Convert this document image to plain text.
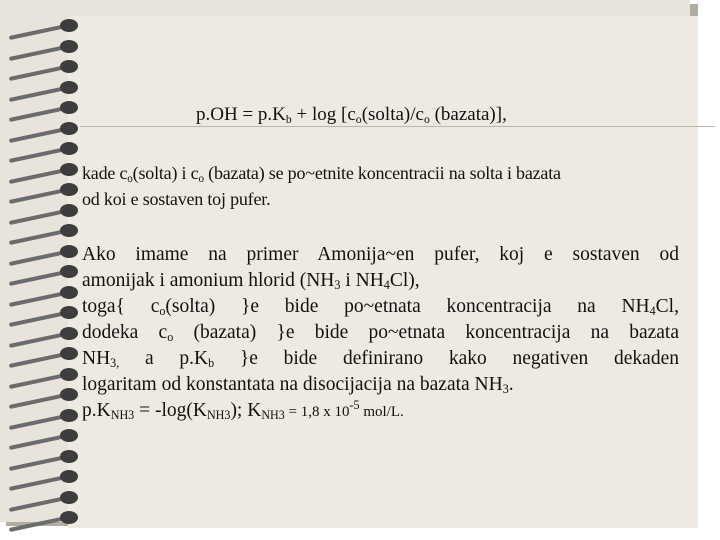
$p.OH = p.K_b + \log$ [$c_o(solta)/c_o$ (bazata)],
kade $c_o(solta)$ i $c_o$ (bazata) se po~etnite koncentracii na solta i bazata
od koi e sostaven toj pufer.
Ako imame na primer Amonija~en pufer, koj e sostaven od
amonijak i amonium hlorid ($NH_3$ i $NH_4Cl$),
toga{ $c_o(solta)$ }e bide po~etnata koncentracija na $NH_4Cl$,
dodeka $c_o$ (bazata) }e bide po~etnata koncentracija na bazata
$NH_{3,}$ a $p.K_b$ }e bide definirano kako negativen dekaden
logaritam od konstantata na disocijacija na bazata $NH_3$.
$p.K_{NH3} = -\log(K_{NH3})$; $K_{NH3} = 1,8$ x $10^{-5}$ mol/L.
